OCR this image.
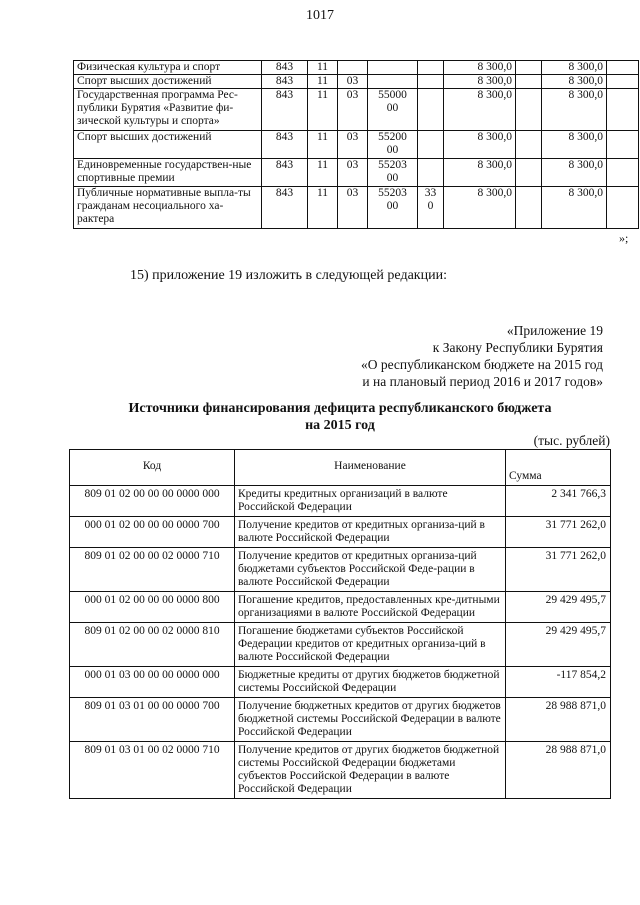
1017
Физическая культура и спорт	843	11				8 300,0		8 300,0	
Спорт высших достижений	843	11	03			8 300,0		8 300,0	
Государственная программа Рес-публики Бурятия «Развитие фи-зической культуры и спорта»	843	11	03	55000 00		8 300,0		8 300,0	
Спорт высших достижений	843	11	03	55200 00		8 300,0		8 300,0	
Единовременные государствен-ные спортивные премии	843	11	03	55203 00		8 300,0		8 300,0	
Публичные нормативные выпла-ты гражданам несоциального ха-рактера	843	11	03	55203 00	33 0	8 300,0		8 300,0	
»;
15) приложение 19 изложить в следующей редакции:
«Приложение 19
к Закону Республики Бурятия
«О республиканском бюджете на 2015 год
и на плановый период 2016 и 2017 годов»
Источники финансирования дефицита республиканского бюджета
на 2015 год
(тыс. рублей)
Код	Наименование	Сумма
809 01 02 00 00 00 0000 000	Кредиты кредитных организаций в валюте Российской Федерации	2 341 766,3
000 01 02 00 00 00 0000 700	Получение кредитов от кредитных организа-ций в валюте Российской Федерации	31 771 262,0
809 01 02 00 00 02 0000 710	Получение кредитов от кредитных организа-ций бюджетами субъектов Российской Феде-рации в валюте Российской Федерации	31 771 262,0
000 01 02 00 00 00 0000 800	Погашение кредитов, предоставленных кре-дитными организациями в валюте Российской Федерации	29 429 495,7
809 01 02 00 00 02 0000 810	Погашение бюджетами субъектов Российской Федерации кредитов от кредитных организа-ций в валюте Российской Федерации	29 429 495,7
000 01 03 00 00 00 0000 000	Бюджетные кредиты от других бюджетов бюджетной системы Российской Федерации	-117 854,2
809 01 03 01 00 00 0000 700	Получение бюджетных кредитов от других бюджетов бюджетной системы Российской Федерации в валюте Российской Федерации	28 988 871,0
809 01 03 01 00 02 0000 710	Получение кредитов от других бюджетов бюджетной системы Российской Федерации бюджетами субъектов Российской Федерации в валюте Российской Федерации	28 988 871,0
